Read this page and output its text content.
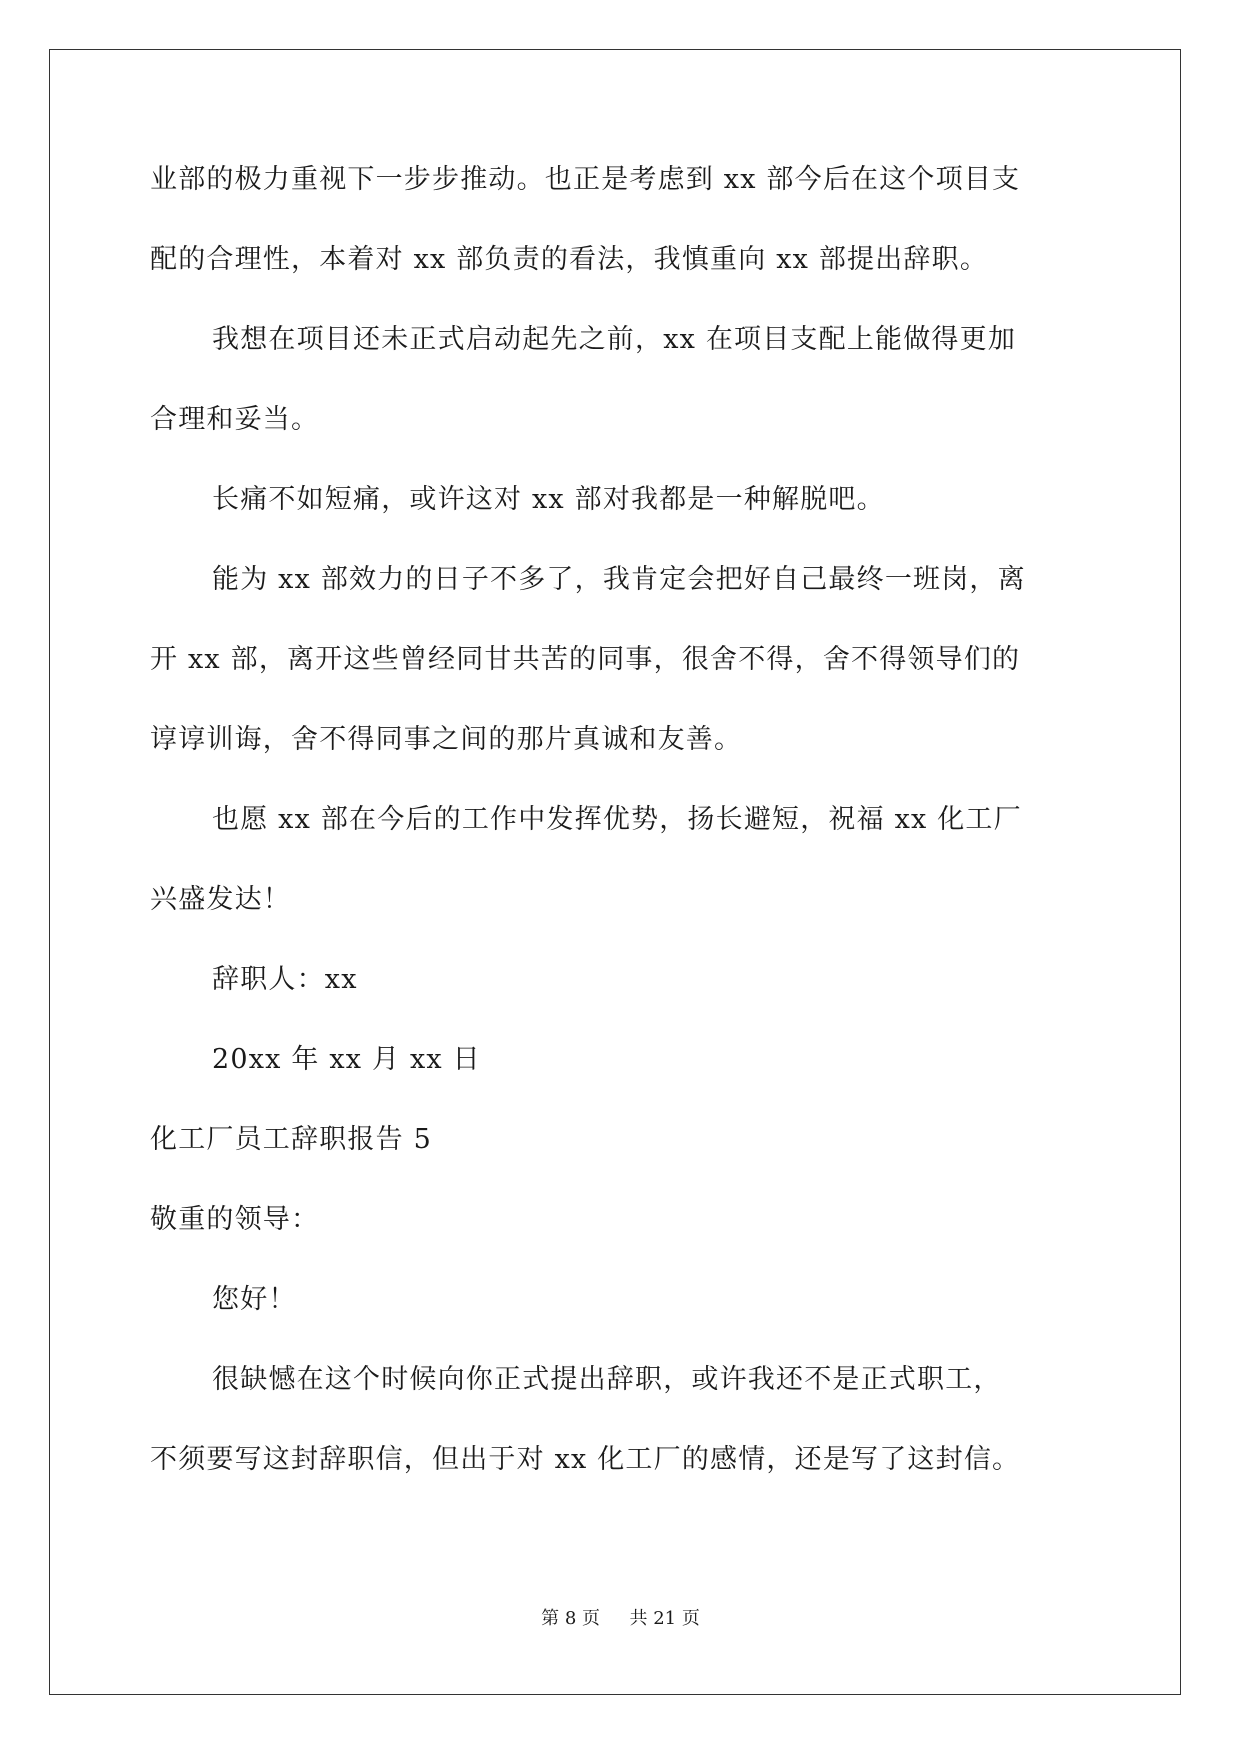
业部的极力重视下一步步推动。也正是考虑到 xx 部今后在这个项目支
配的合理性，本着对 xx 部负责的看法，我慎重向 xx 部提出辞职。
我想在项目还未正式启动起先之前，xx 在项目支配上能做得更加
合理和妥当。
长痛不如短痛，或许这对 xx 部对我都是一种解脱吧。
能为 xx 部效力的日子不多了，我肯定会把好自己最终一班岗，离
开 xx 部，离开这些曾经同甘共苦的同事，很舍不得，舍不得领导们的
谆谆训诲，舍不得同事之间的那片真诚和友善。
也愿 xx 部在今后的工作中发挥优势，扬长避短，祝福 xx 化工厂
兴盛发达！
辞职人：xx
20xx 年 xx 月 xx 日
化工厂员工辞职报告 5
敬重的领导：
您好！
很缺憾在这个时候向你正式提出辞职，或许我还不是正式职工，
不须要写这封辞职信，但出于对 xx 化工厂的感情，还是写了这封信。
第 8 页 共 21 页
